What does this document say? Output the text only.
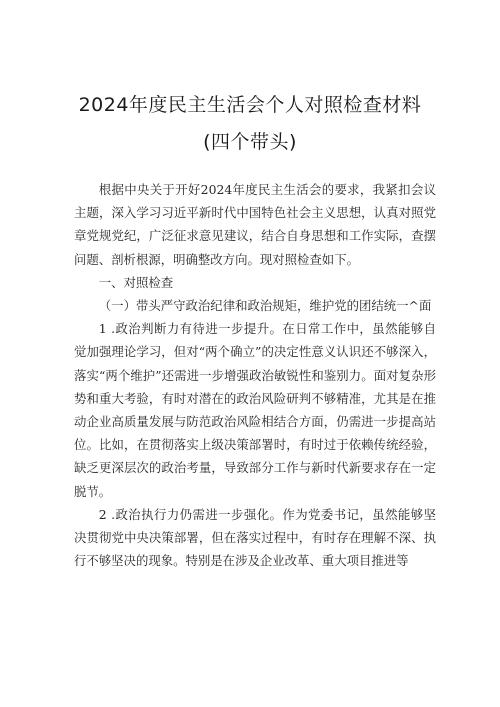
2024年度民主生活会个人对照检查材料
(四个带头)

根据中央关于开好2024年度民主生活会的要求，我紧扣会议主题，深入学习习近平新时代中国特色社会主义思想，认真对照党章党规党纪，广泛征求意见建议，结合自身思想和工作实际，查摆问题、剖析根源，明确整改方向。现对照检查如下。

一、对照检查

（一）带头严守政治纪律和政治规矩，维护党的团结统一^面

1 .政治判断力有待进一步提升。在日常工作中，虽然能够自觉加强理论学习，但对“两个确立”的决定性意义认识还不够深入，落实“两个维护”还需进一步增强政治敏锐性和鉴别力。面对复杂形势和重大考验，有时对潜在的政治风险研判不够精准，尤其是在推动企业高质量发展与防范政治风险相结合方面，仍需进一步提高站位。比如，在贯彻落实上级决策部署时，有时过于依赖传统经验，缺乏更深层次的政治考量，导致部分工作与新时代新要求存在一定脱节。

2 .政治执行力仍需进一步强化。作为党委书记，虽然能够坚决贯彻党中央决策部署，但在落实过程中，有时存在理解不深、执行不够坚决的现象。特别是在涉及企业改革、重大项目推进等
